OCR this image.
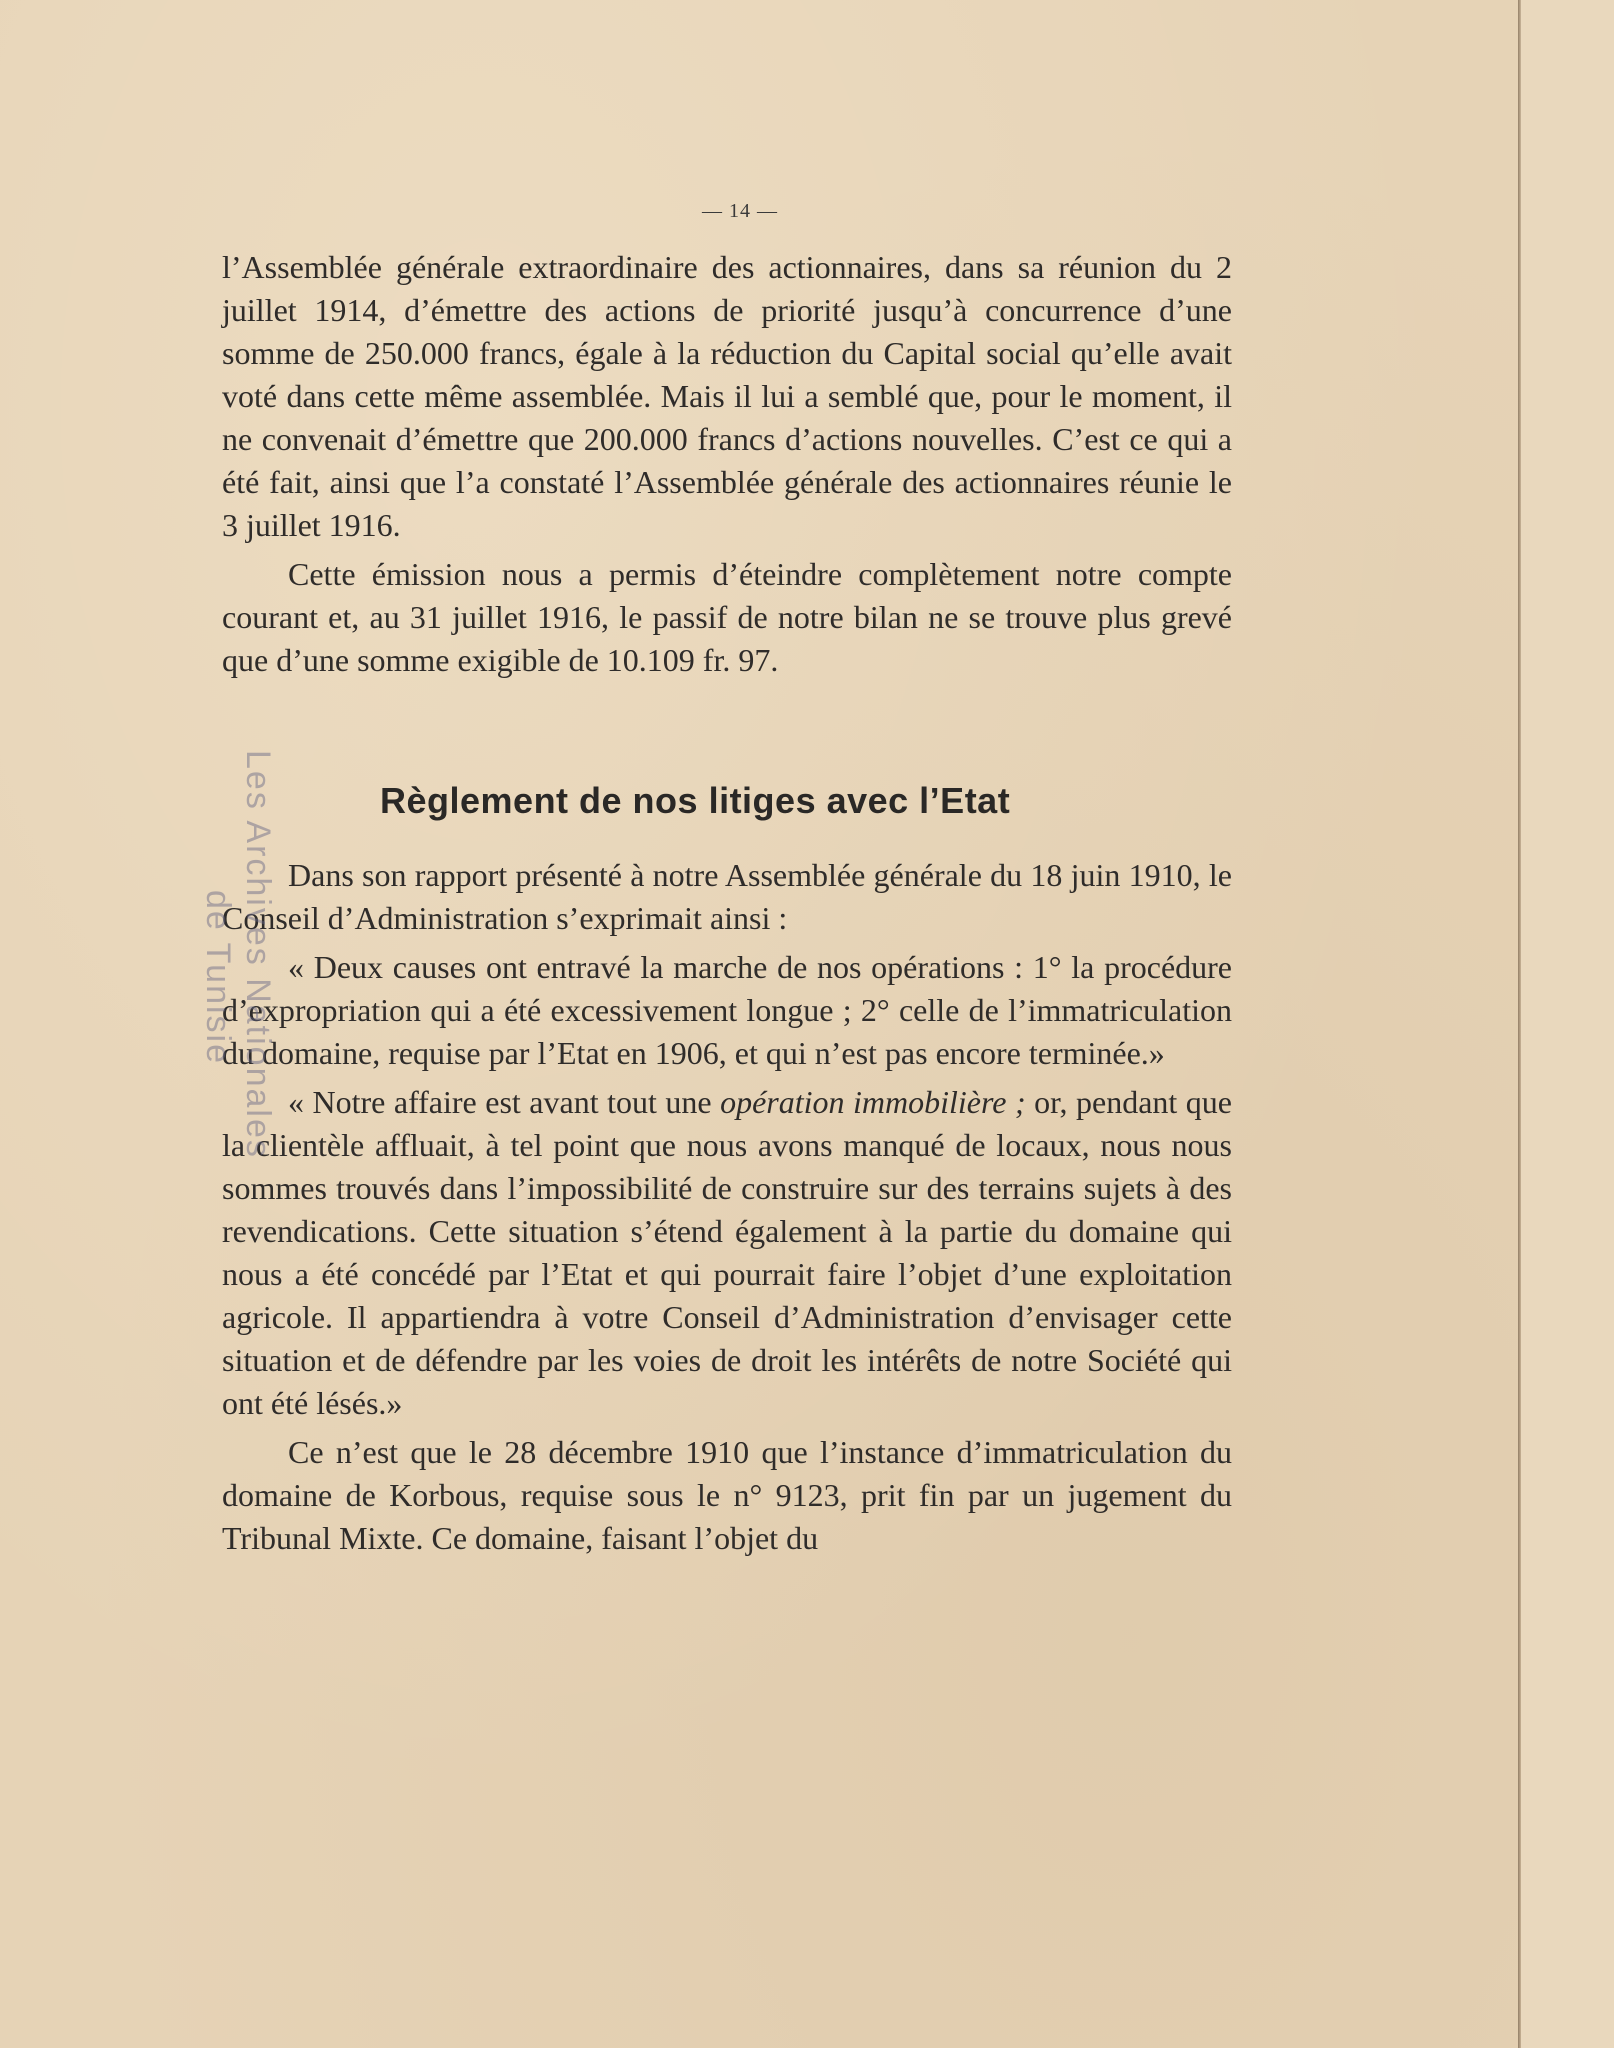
— 14 —

l’Assemblée générale extraordinaire des actionnaires, dans sa réunion du 2 juillet 1914, d’émettre des actions de priorité jusqu’à concurrence d’une somme de 250.000 francs, égale à la réduction du Capital social qu’elle avait voté dans cette même assemblée. Mais il lui a semblé que, pour le moment, il ne convenait d’émettre que 200.000 francs d’actions nouvelles. C’est ce qui a été fait, ainsi que l’a constaté l’Assemblée générale des actionnaires réunie le 3 juillet 1916.

Cette émission nous a permis d’éteindre complètement notre compte courant et, au 31 juillet 1916, le passif de notre bilan ne se trouve plus grevé que d’une somme exigible de 10.109 fr. 97.

Règlement de nos litiges avec l’Etat

Dans son rapport présenté à notre Assemblée générale du 18 juin 1910, le Conseil d’Administration s’exprimait ainsi :

« Deux causes ont entravé la marche de nos opérations : 1° la procédure d’expropriation qui a été excessivement longue ; 2° celle de l’immatriculation du domaine, requise par l’Etat en 1906, et qui n’est pas encore terminée.»

« Notre affaire est avant tout une opération immobilière ; or, pendant que la clientèle affluait, à tel point que nous avons manqué de locaux, nous nous sommes trouvés dans l’impossibilité de construire sur des terrains sujets à des revendications. Cette situation s’étend également à la partie du domaine qui nous a été concédé par l’Etat et qui pourrait faire l’objet d’une exploitation agricole. Il appartiendra à votre Conseil d’Administration d’envisager cette situation et de défendre par les voies de droit les intérêts de notre Société qui ont été lésés.»

Ce n’est que le 28 décembre 1910 que l’instance d’immatriculation du domaine de Korbous, requise sous le n° 9123, prit fin par un jugement du Tribunal Mixte. Ce domaine, faisant l’objet du

Les Archives Nationales
de Tunisie
